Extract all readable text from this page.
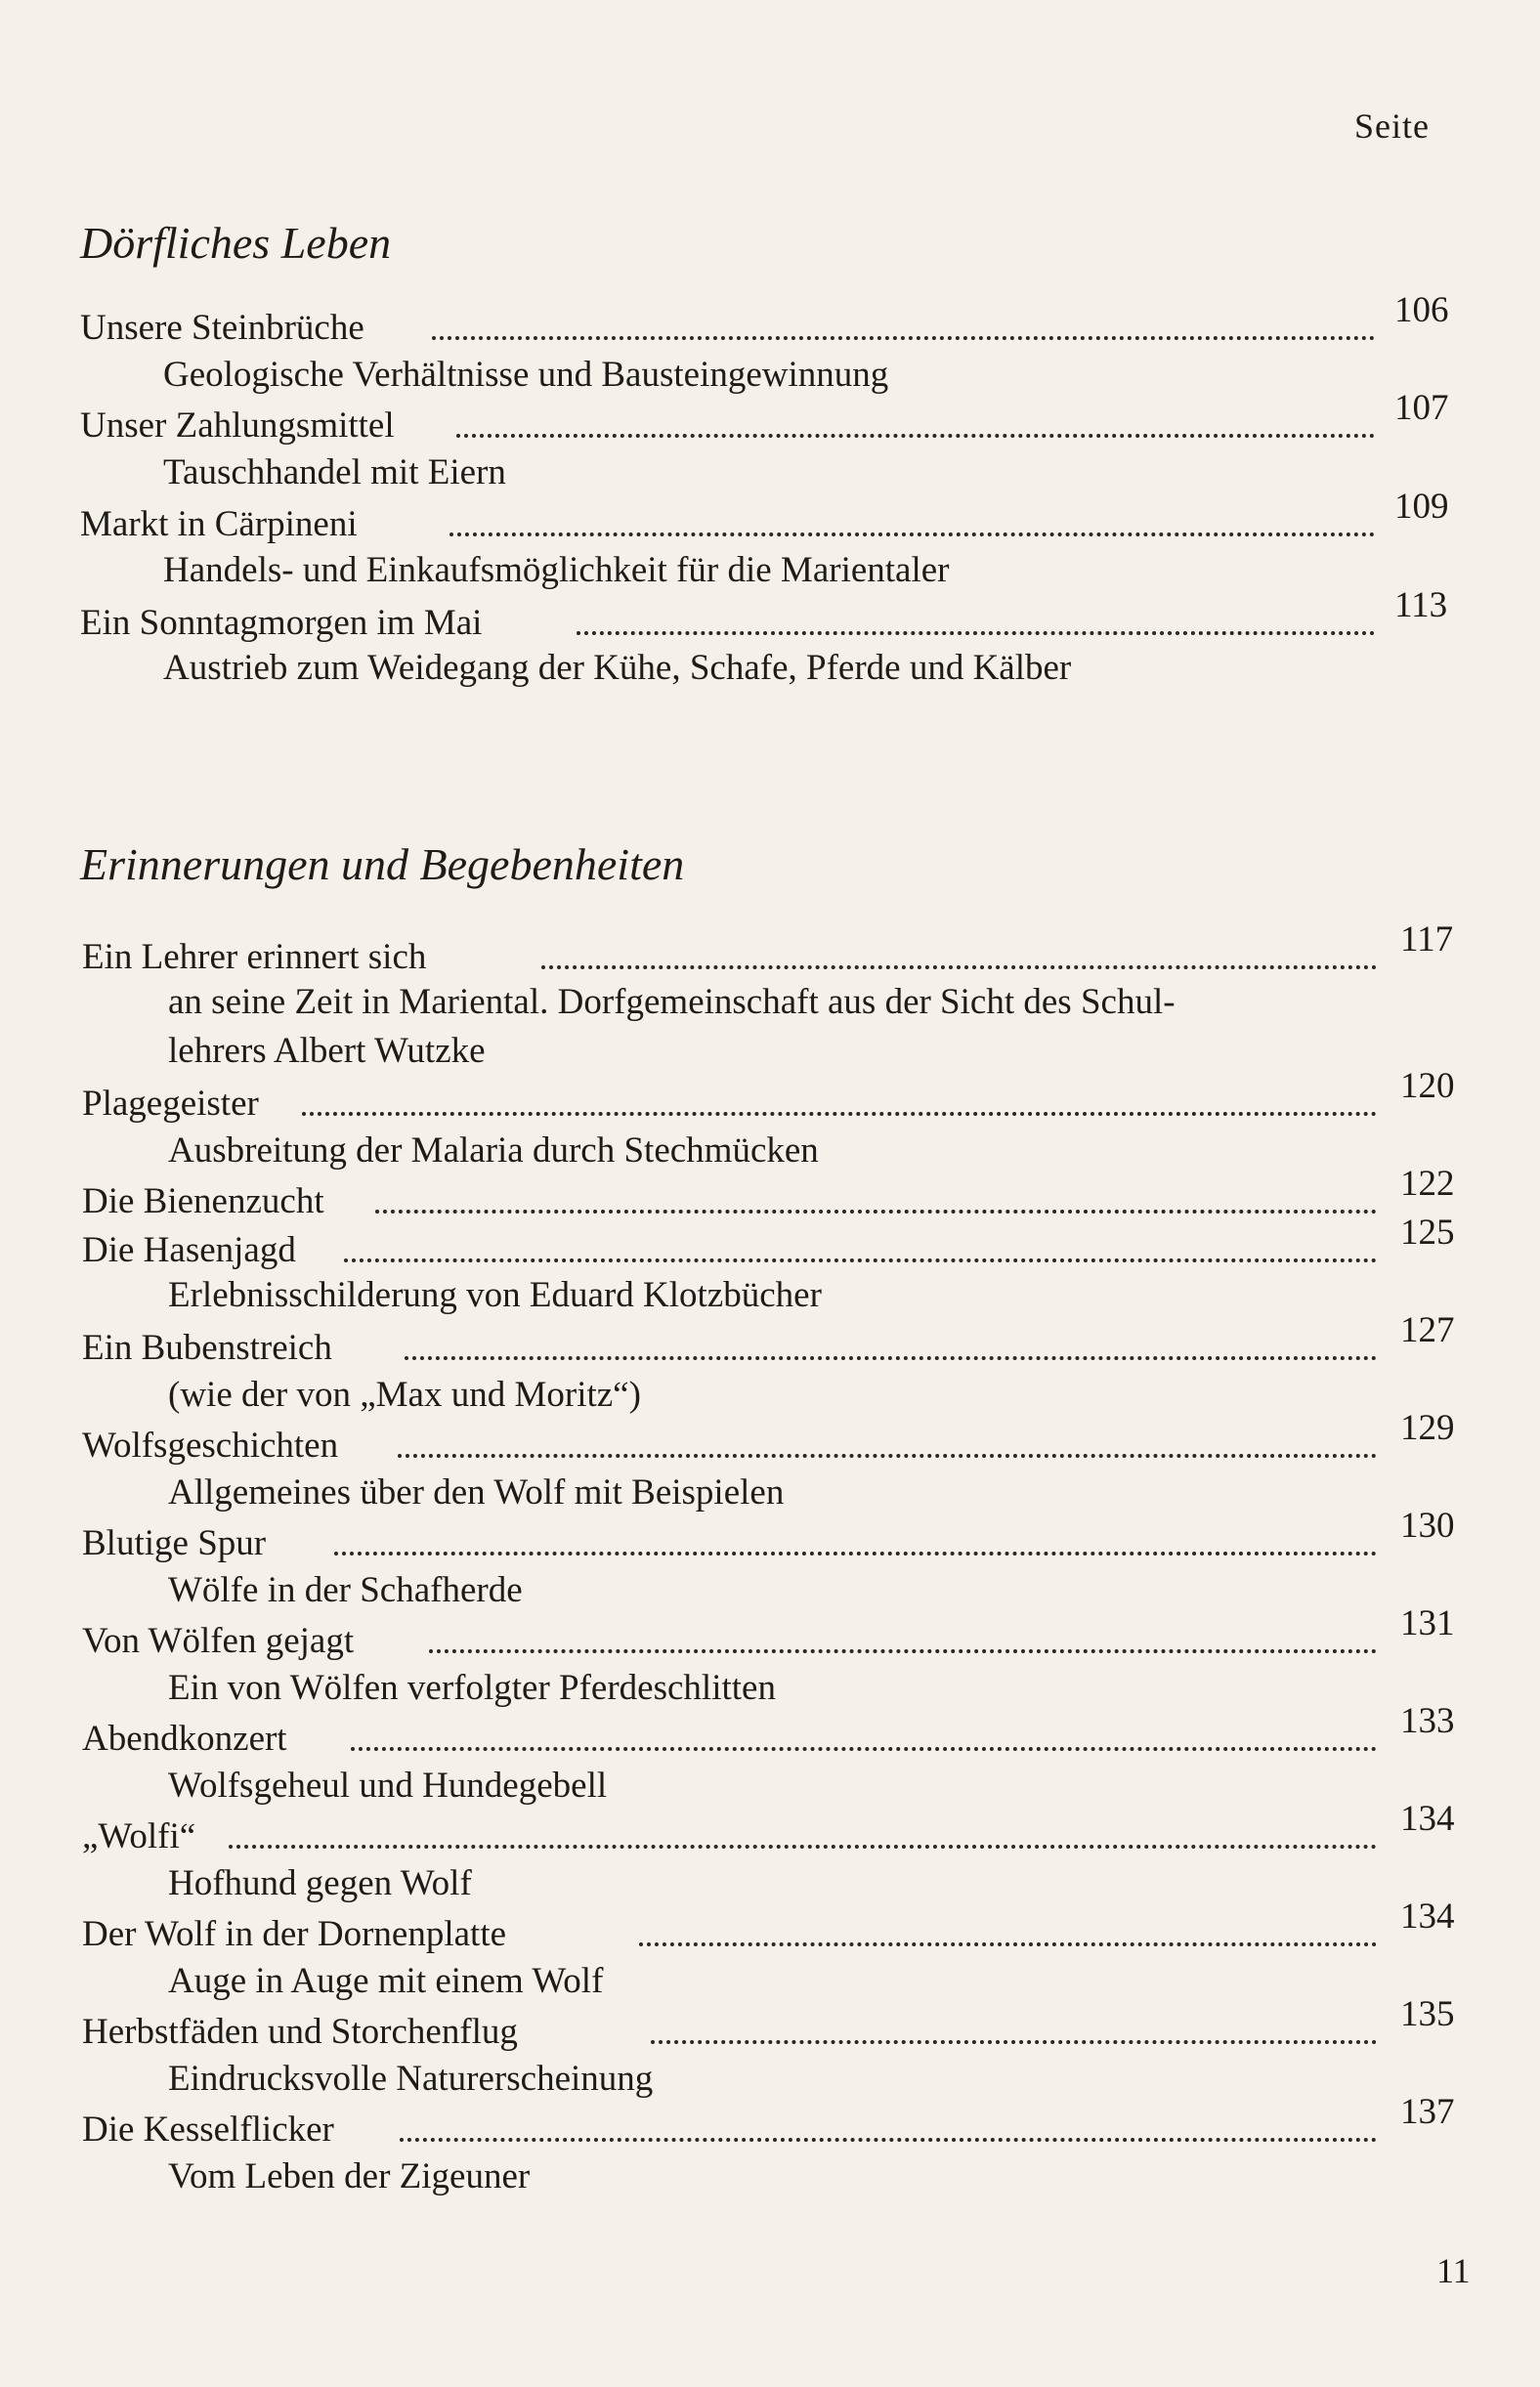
Seite
Dörfliches Leben
Unsere Steinbrüche	106
Geologische Verhältnisse und Bausteingewinnung
Unser Zahlungsmittel	107
Tauschhandel mit Eiern
Markt in Cärpineni	109
Handels- und Einkaufsmöglichkeit für die Marientaler
Ein Sonntagmorgen im Mai	113
Austrieb zum Weidegang der Kühe, Schafe, Pferde und Kälber
Erinnerungen und Begebenheiten
Ein Lehrer erinnert sich	117
an seine Zeit in Mariental. Dorfgemeinschaft aus der Sicht des Schul-
lehrers Albert Wutzke
Plagegeister	120
Ausbreitung der Malaria durch Stechmücken
Die Bienenzucht	122
Die Hasenjagd	125
Erlebnisschilderung von Eduard Klotzbücher
Ein Bubenstreich	127
(wie der von „Max und Moritz“)
Wolfsgeschichten	129
Allgemeines über den Wolf mit Beispielen
Blutige Spur	130
Wölfe in der Schafherde
Von Wölfen gejagt	131
Ein von Wölfen verfolgter Pferdeschlitten
Abendkonzert	133
Wolfsgeheul und Hundegebell
„Wolfi“	134
Hofhund gegen Wolf
Der Wolf in der Dornenplatte	134
Auge in Auge mit einem Wolf
Herbstfäden und Storchenflug	135
Eindrucksvolle Naturerscheinung
Die Kesselflicker	137
Vom Leben der Zigeuner
11
